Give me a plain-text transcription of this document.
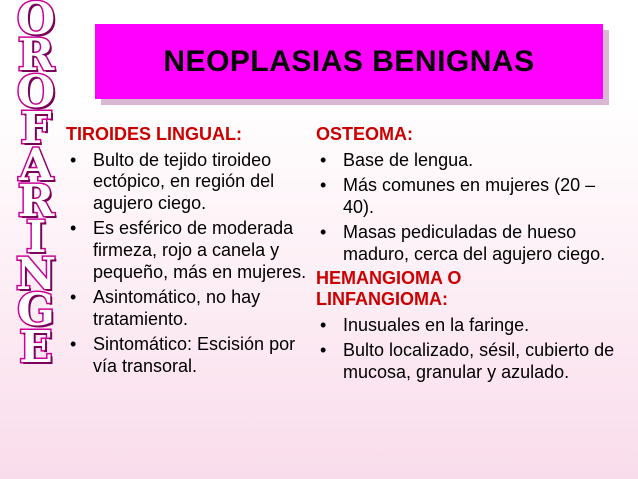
O
R
O
F
A
R
I
N
G
E
NEOPLASIAS BENIGNAS

TIROIDES LINGUAL:

• Bulto de tejido tiroideo ectópico, en región del agujero ciego.
• Es esférico de moderada firmeza, rojo a canela y pequeño, más en mujeres.
• Asintomático, no hay tratamiento.
• Sintomático: Escisión por vía transoral.

OSTEOMA:

• Base de lengua.
• Más comunes en mujeres (20 – 40).
• Masas pediculadas de hueso maduro, cerca del agujero ciego.

HEMANGIOMA O
LINFANGIOMA:

• Inusuales en la faringe.
• Bulto localizado, sésil, cubierto de mucosa, granular y azulado.
